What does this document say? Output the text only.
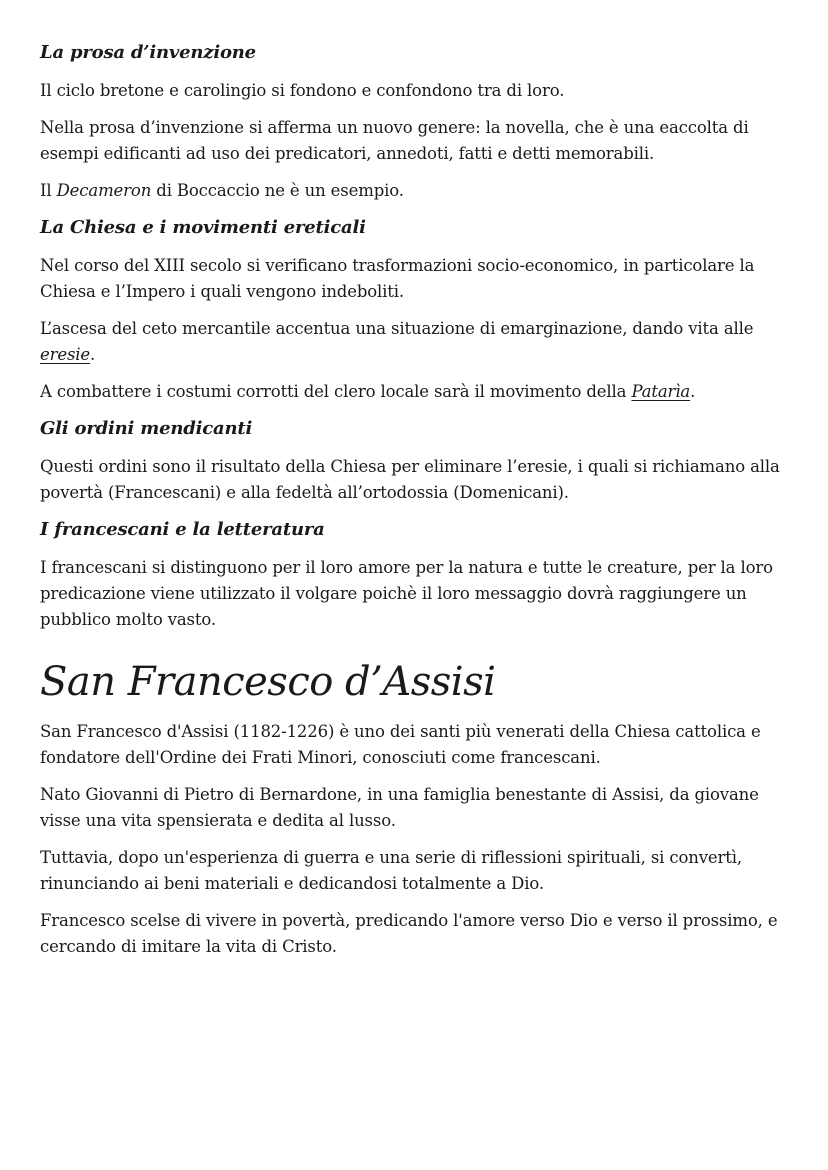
La prosa d’invenzione

Il ciclo bretone e carolingio si fondono e confondono tra di loro.

Nella prosa d’invenzione si afferma un nuovo genere: la novella, che è una eaccolta di esempi edificanti ad uso dei predicatori, annedoti, fatti e detti memorabili.

Il Decameron di Boccaccio ne è un esempio.

La Chiesa e i movimenti ereticali

Nel corso del XIII secolo si verificano trasformazioni socio-economico, in particolare la Chiesa e l’Impero i quali vengono indeboliti.

L’ascesa del ceto mercantile accentua una situazione di emarginazione, dando vita alle eresie.

A combattere i costumi corrotti del clero locale sarà il movimento della Patarìa.

Gli ordini mendicanti

Questi ordini sono il risultato della Chiesa per eliminare l’eresie, i quali si richiamano alla povertà (Francescani) e alla fedeltà all’ortodossia (Domenicani).

I francescani e la letteratura

I francescani si distinguono per il loro amore per la natura e tutte le creature, per la loro predicazione viene utilizzato il volgare poichè il loro messaggio dovrà raggiungere un pubblico molto vasto.

San Francesco d’Assisi

San Francesco d'Assisi (1182-1226) è uno dei santi più venerati della Chiesa cattolica e fondatore dell'Ordine dei Frati Minori, conosciuti come francescani.

Nato Giovanni di Pietro di Bernardone, in una famiglia benestante di Assisi, da giovane visse una vita spensierata e dedita al lusso.

Tuttavia, dopo un'esperienza di guerra e una serie di riflessioni spirituali, si convertì, rinunciando ai beni materiali e dedicandosi totalmente a Dio.

Francesco scelse di vivere in povertà, predicando l'amore verso Dio e verso il prossimo, e cercando di imitare la vita di Cristo.
